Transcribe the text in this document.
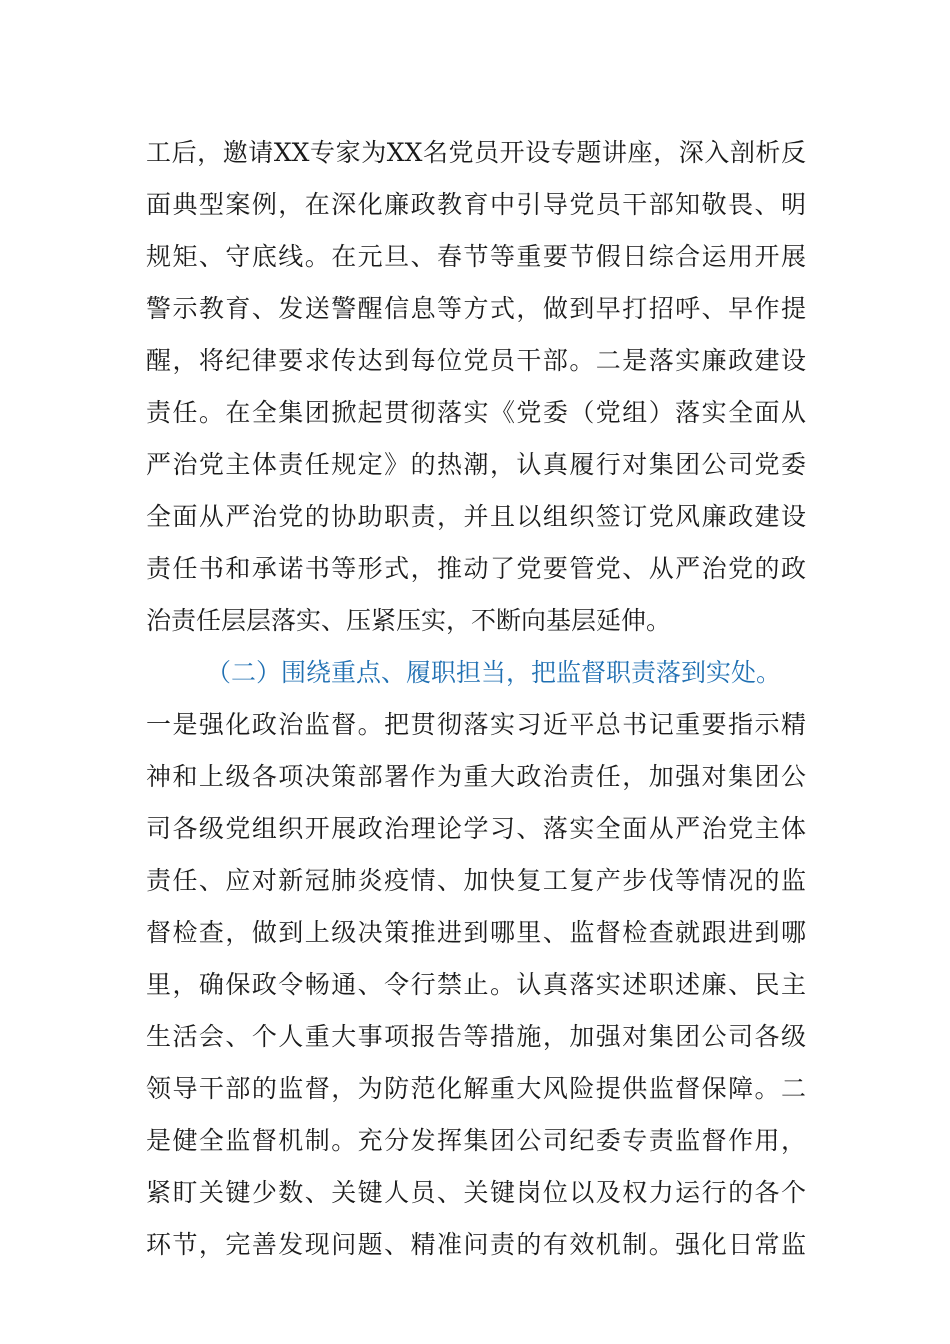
工后，邀请XX专家为XX名党员开设专题讲座，深入剖析反
面典型案例，在深化廉政教育中引导党员干部知敬畏、明
规矩、守底线。在元旦、春节等重要节假日综合运用开展
警示教育、发送警醒信息等方式，做到早打招呼、早作提
醒，将纪律要求传达到每位党员干部。二是落实廉政建设
责任。在全集团掀起贯彻落实《党委（党组）落实全面从
严治党主体责任规定》的热潮，认真履行对集团公司党委
全面从严治党的协助职责，并且以组织签订党风廉政建设
责任书和承诺书等形式，推动了党要管党、从严治党的政
治责任层层落实、压紧压实，不断向基层延伸。
（二）围绕重点、履职担当，把监督职责落到实处。
一是强化政治监督。把贯彻落实习近平总书记重要指示精
神和上级各项决策部署作为重大政治责任，加强对集团公
司各级党组织开展政治理论学习、落实全面从严治党主体
责任、应对新冠肺炎疫情、加快复工复产步伐等情况的监
督检查，做到上级决策推进到哪里、监督检查就跟进到哪
里，确保政令畅通、令行禁止。认真落实述职述廉、民主
生活会、个人重大事项报告等措施，加强对集团公司各级
领导干部的监督，为防范化解重大风险提供监督保障。二
是健全监督机制。充分发挥集团公司纪委专责监督作用，
紧盯关键少数、关键人员、关键岗位以及权力运行的各个
环节，完善发现问题、精准问责的有效机制。强化日常监
